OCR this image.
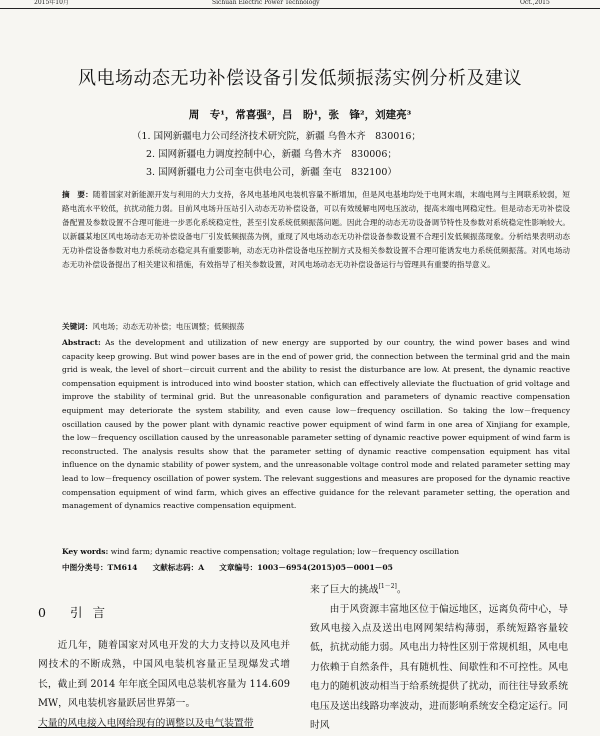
2015年10月	Sichuan Electric Power Technology	Oct.,2015
风电场动态无功补偿设备引发低频振荡实例分析及建议

周　专¹，常喜强²，吕　盼¹，张　锋²，刘建亮³

（1. 国网新疆电力公司经济技术研究院，新疆 乌鲁木齐　830016；

2. 国网新疆电力调度控制中心，新疆 乌鲁木齐　830006；

3. 国网新疆电力公司奎屯供电公司，新疆 奎屯　832100）

摘　要：随着国家对新能源开发与利用的大力支持，各风电基地风电装机容量不断增加，但是风电基地均处于电网末端，末端电网与主网联系较弱，短路电流水平较低，抗扰动能力弱。目前风电场升压站引入动态无功补偿设备，可以有效缓解电网电压波动，提高末端电网稳定性。但是动态无功补偿设备配置及参数设置不合理可能进一步恶化系统稳定性，甚至引发系统低频振荡问题。因此合理的动态无功设备调节特性及参数对系统稳定性影响较大。以新疆某地区风电场动态无功补偿设备电厂引发低频振荡为例，重现了风电场动态无功补偿设备参数设置不合理引发低频振荡现象。分析结果表明动态无功补偿设备参数对电力系统动态稳定具有重要影响，动态无功补偿设备电压控制方式及相关参数设置不合理可能诱发电力系统低频振荡。对风电场动态无功补偿设备提出了相关建议和措施，有效指导了相关参数设置，对风电场动态无功补偿设备运行与管理具有重要的指导意义。

关键词：风电场；动态无功补偿；电压调整；低频振荡

Abstract: As the development and utilization of new energy are supported by our country, the wind power bases and wind capacity keep growing. But wind power bases are in the end of power grid, the connection between the terminal grid and the main grid is weak, the level of short－circuit current and the ability to resist the disturbance are low. At present, the dynamic reactive compensation equipment is introduced into wind booster station, which can effectively alleviate the fluctuation of grid voltage and improve the stability of terminal grid. But the unreasonable configuration and parameters of dynamic reactive compensation equipment may deteriorate the system stability, and even cause low－frequency oscillation. So taking the low－frequency oscillation caused by the power plant with dynamic reactive power equipment of wind farm in one area of Xinjiang for example, the low－frequency oscillation caused by the unreasonable parameter setting of dynamic reactive power equipment of wind farm is reconstructed. The analysis results show that the parameter setting of dynamic reactive compensation equipment has vital influence on the dynamic stability of power system, and the unreasonable voltage control mode and related parameter setting may lead to low－frequency oscillation of power system. The relevant suggestions and measures are proposed for the dynamic reactive compensation equipment of wind farm, which gives an effective guidance for the relevant parameter setting, the operation and management of dynamics reactive compensation equipment.

Key words: wind farm; dynamic reactive compensation; voltage regulation; low－frequency oscillation

中图分类号：TM614　　文献标志码：A　　文章编号：1003－6954(2015)05－0001－05

0 引言

近几年，随着国家对风电开发的大力支持以及风电并网技术的不断成熟，中国风电装机容量正呈现爆发式增长，截止到 2014 年年底全国风电总装机容量为 114.609 MW，风电装机容量跃居世界第一。
大量的风电接入电网给现有的调整以及电气装置带

来了巨大的挑战[1－2]。
由于风资源丰富地区位于偏远地区，远离负荷中心，导致风电接入点及送出电网网架结构薄弱，系统短路容量较低，抗扰动能力弱。风电出力特性区别于常规机组，风电电力依赖于自然条件，具有随机性、间歇性和不可控性。风电电力的随机波动相当于给系统提供了扰动，而往往导致系统电压及送出线路功率波动，进而影响系统安全稳定运行。同时风
